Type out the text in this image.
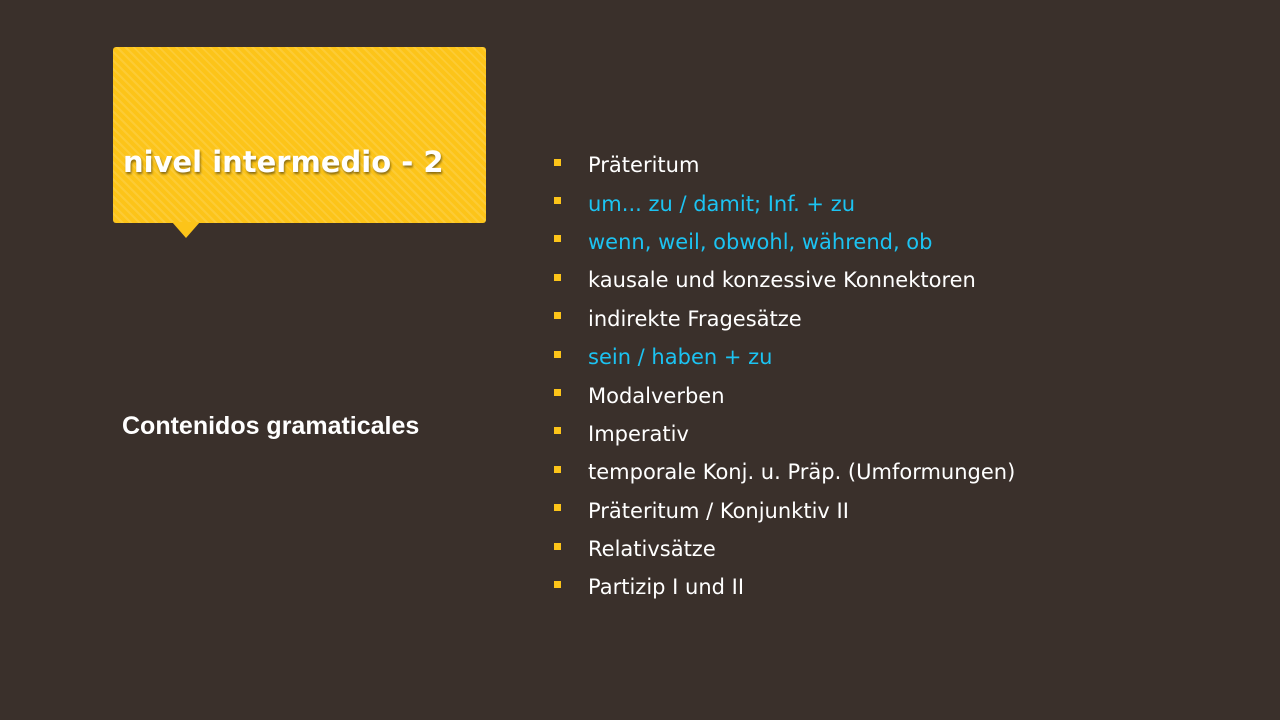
nivel intermedio - 2
Contenidos gramaticales
Präteritum
um... zu / damit; Inf. + zu
wenn, weil, obwohl, während, ob
kausale und konzessive Konnektoren
indirekte Fragesätze
sein / haben + zu
Modalverben
Imperativ
temporale Konj. u. Präp. (Umformungen)
Präteritum / Konjunktiv II
Relativsätze
Partizip I und II
